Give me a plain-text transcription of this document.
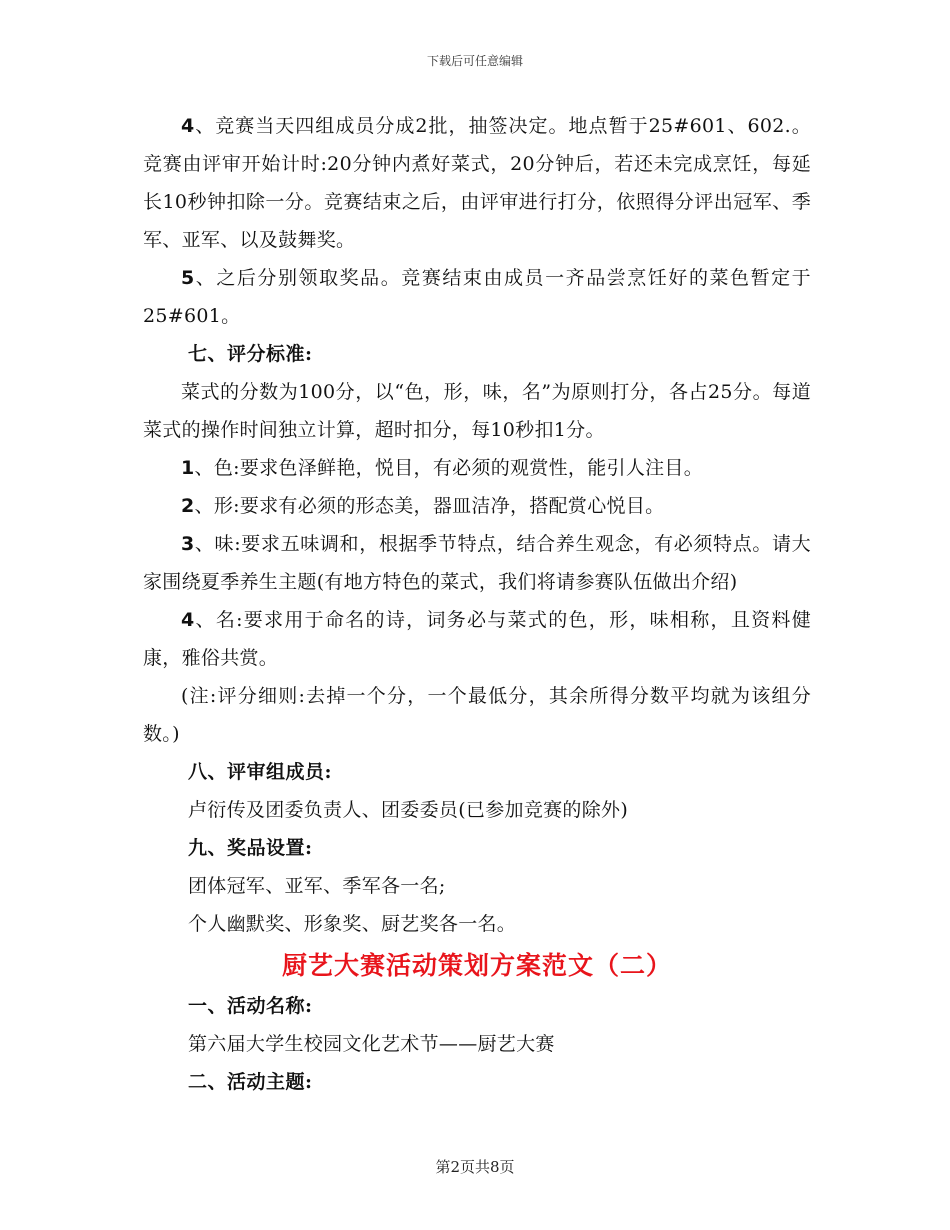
下载后可任意编辑

4、竞赛当天四组成员分成2批，抽签决定。地点暂于25#601、602.。竞赛由评审开始计时:20分钟内煮好菜式，20分钟后，若还未完成烹饪，每延长10秒钟扣除一分。竞赛结束之后，由评审进行打分，依照得分评出冠军、季军、亚军、以及鼓舞奖。

5、之后分别领取奖品。竞赛结束由成员一齐品尝烹饪好的菜色暂定于25#601。

七、评分标准:

菜式的分数为100分，以“色，形，味，名”为原则打分，各占25分。每道菜式的操作时间独立计算，超时扣分，每10秒扣1分。

1、色:要求色泽鲜艳，悦目，有必须的观赏性，能引人注目。

2、形:要求有必须的形态美，器皿洁净，搭配赏心悦目。

3、味:要求五味调和，根据季节特点，结合养生观念，有必须特点。请大家围绕夏季养生主题(有地方特色的菜式，我们将请参赛队伍做出介绍)

4、名:要求用于命名的诗，词务必与菜式的色，形，味相称，且资料健康，雅俗共赏。

(注:评分细则:去掉一个分，一个最低分，其余所得分数平均就为该组分数。)

八、评审组成员:

卢衍传及团委负责人、团委委员(已参加竞赛的除外)

九、奖品设置:

团体冠军、亚军、季军各一名;

个人幽默奖、形象奖、厨艺奖各一名。

厨艺大赛活动策划方案范文（二）

一、活动名称:

第六届大学生校园文化艺术节——厨艺大赛

二、活动主题:

第2页共8页
